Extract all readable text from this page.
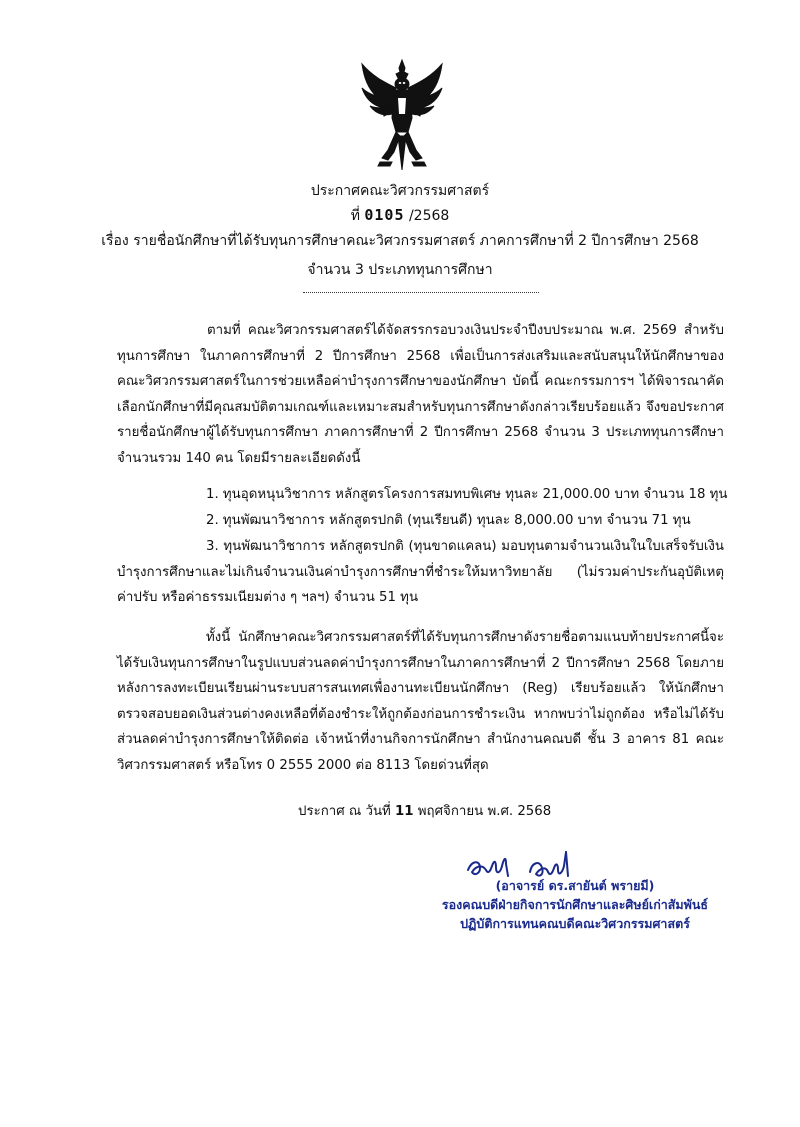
ประกาศคณะวิศวกรรมศาสตร์
ที่ 0105 /2568
เรื่อง รายชื่อนักศึกษาที่ได้รับทุนการศึกษาคณะวิศวกรรมศาสตร์ ภาคการศึกษาที่ 2 ปีการศึกษา 2568
จำนวน 3 ประเภททุนการศึกษา
ตามที่ คณะวิศวกรรมศาสตร์ได้จัดสรรกรอบวงเงินประจำปีงบประมาณ พ.ศ. 2569 สำหรับทุนการศึกษา ในภาคการศึกษาที่ 2 ปีการศึกษา 2568 เพื่อเป็นการส่งเสริมและสนับสนุนให้นักศึกษาของคณะวิศวกรรมศาสตร์ในการช่วยเหลือค่าบำรุงการศึกษาของนักศึกษา บัดนี้ คณะกรรมการฯ ได้พิจารณาคัดเลือกนักศึกษาที่มีคุณสมบัติตามเกณฑ์และเหมาะสมสำหรับทุนการศึกษาดังกล่าวเรียบร้อยแล้ว จึงขอประกาศรายชื่อนักศึกษาผู้ได้รับทุนการศึกษา ภาคการศึกษาที่ 2 ปีการศึกษา 2568 จำนวน 3 ประเภททุนการศึกษา จำนวนรวม 140 คน โดยมีรายละเอียดดังนี้
1. ทุนอุดหนุนวิชาการ หลักสูตรโครงการสมทบพิเศษ ทุนละ 21,000.00 บาท จำนวน 18 ทุน
2. ทุนพัฒนาวิชาการ หลักสูตรปกติ (ทุนเรียนดี) ทุนละ 8,000.00 บาท จำนวน 71 ทุน
3. ทุนพัฒนาวิชาการ หลักสูตรปกติ (ทุนขาดแคลน) มอบทุนตามจำนวนเงินในใบเสร็จรับเงินบำรุงการศึกษาและไม่เกินจำนวนเงินค่าบำรุงการศึกษาที่ชำระให้มหาวิทยาลัย (ไม่รวมค่าประกันอุบัติเหตุ ค่าปรับ หรือค่าธรรมเนียมต่าง ๆ ฯลฯ) จำนวน 51 ทุน
ทั้งนี้ นักศึกษาคณะวิศวกรรมศาสตร์ที่ได้รับทุนการศึกษาดังรายชื่อตามแนบท้ายประกาศนี้จะได้รับเงินทุนการศึกษาในรูปแบบส่วนลดค่าบำรุงการศึกษาในภาคการศึกษาที่ 2 ปีการศึกษา 2568 โดยภายหลังการลงทะเบียนเรียนผ่านระบบสารสนเทศเพื่องานทะเบียนนักศึกษา (Reg) เรียบร้อยแล้ว ให้นักศึกษาตรวจสอบยอดเงินส่วนต่างคงเหลือที่ต้องชำระให้ถูกต้องก่อนการชำระเงิน หากพบว่าไม่ถูกต้อง หรือไม่ได้รับส่วนลดค่าบำรุงการศึกษาให้ติดต่อ เจ้าหน้าที่งานกิจการนักศึกษา สำนักงานคณบดี ชั้น 3 อาคาร 81 คณะวิศวกรรมศาสตร์ หรือโทร 0 2555 2000 ต่อ 8113 โดยด่วนที่สุด
ประกาศ ณ วันที่ 11 พฤศจิกายน พ.ศ. 2568
(อาจารย์ ดร.สายันต์ พรายมี)
รองคณบดีฝ่ายกิจการนักศึกษาและศิษย์เก่าสัมพันธ์
ปฏิบัติการแทนคณบดีคณะวิศวกรรมศาสตร์
